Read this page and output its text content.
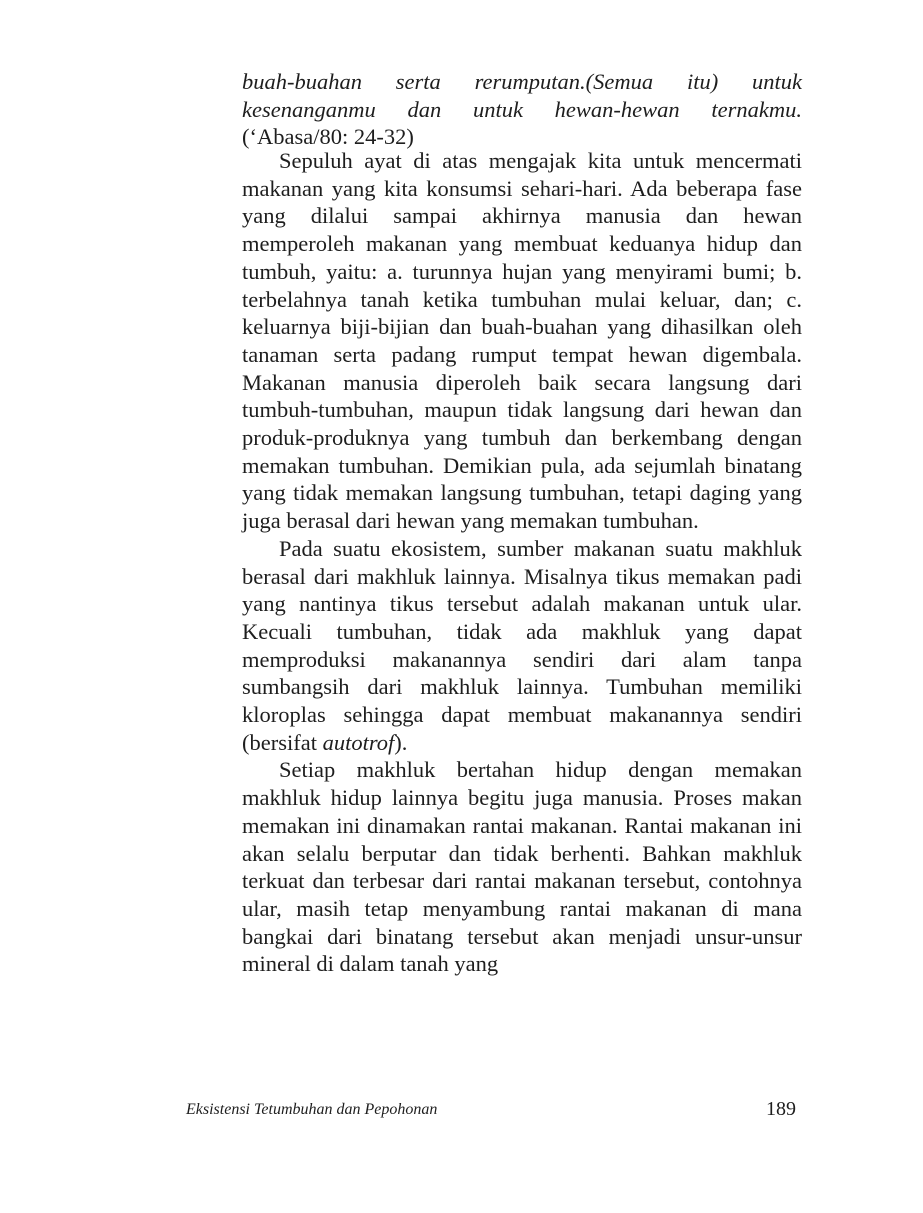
buah-buahan serta rerumputan.(Semua itu) untuk kesenanganmu dan untuk hewan-hewan ternakmu.(‘Abasa/80: 24-32)

Sepuluh ayat di atas mengajak kita untuk mencermati makanan yang kita konsumsi sehari-hari. Ada beberapa fase yang dilalui sampai akhirnya manusia dan hewan memperoleh makanan yang membuat keduanya hidup dan tumbuh, yaitu: a. turunnya hujan yang menyirami bumi; b. terbelahnya tanah ketika tumbuhan mulai keluar, dan; c. keluarnya biji-bijian dan buah-buahan yang dihasilkan oleh tanaman serta padang rumput tempat hewan digembala. Makanan manusia diperoleh baik secara langsung dari tumbuh-tumbuhan, maupun tidak langsung dari hewan dan produk-produknya yang tumbuh dan berkembang dengan memakan tumbuhan. Demikian pula, ada sejumlah binatang yang tidak memakan langsung tumbuhan, tetapi daging yang juga berasal dari hewan yang memakan tumbuhan.

Pada suatu ekosistem, sumber makanan suatu makhluk berasal dari makhluk lainnya. Misalnya tikus memakan padi yang nantinya tikus tersebut adalah makanan untuk ular. Kecuali tumbuhan, tidak ada makhluk yang dapat memproduksi makanannya sendiri dari alam tanpa sumbangsih dari makhluk lainnya. Tumbuhan memiliki kloroplas sehingga dapat membuat makanannya sendiri (bersifat autotrof).

Setiap makhluk bertahan hidup dengan memakan makhluk hidup lainnya begitu juga manusia. Proses makan memakan ini dinamakan rantai makanan. Rantai makanan ini akan selalu berputar dan tidak berhenti. Bahkan makhluk terkuat dan terbesar dari rantai makanan tersebut, contohnya ular, masih tetap menyambung rantai makanan di mana bangkai dari binatang tersebut akan menjadi unsur-unsur mineral di dalam tanah yang

Eksistensi Tetumbuhan dan Pepohonan	189
